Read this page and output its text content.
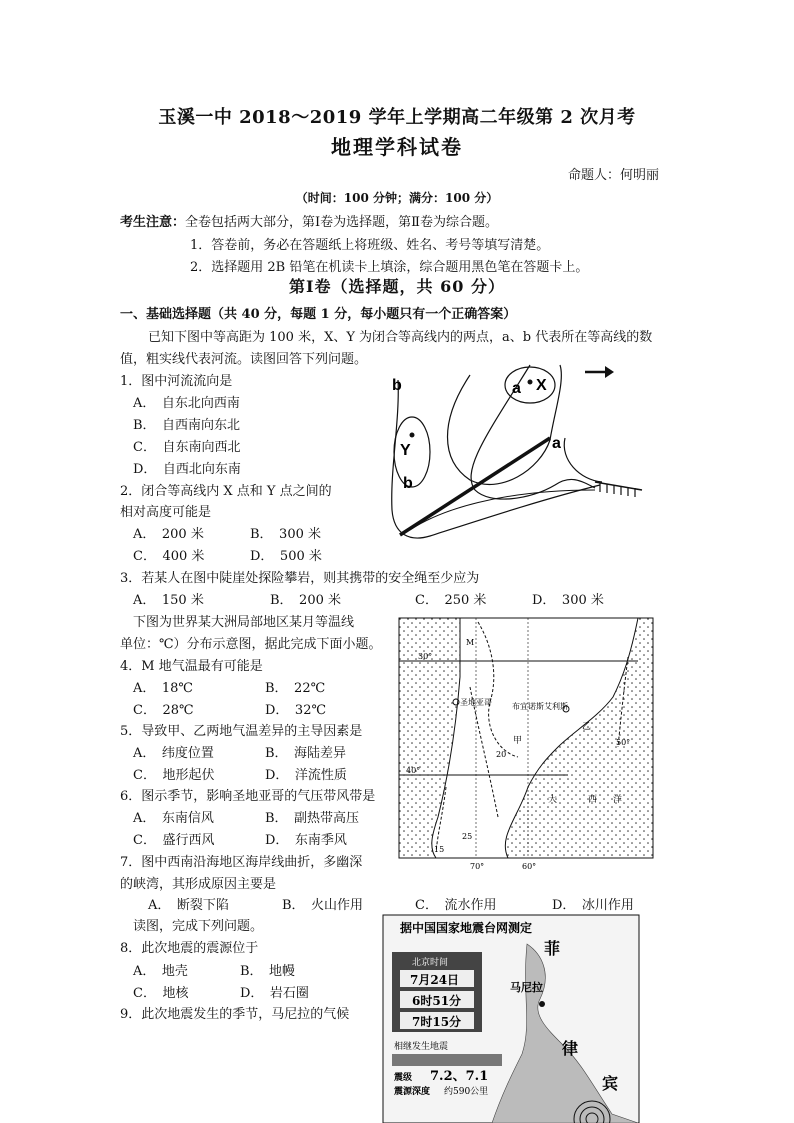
玉溪一中 2018～2019 学年上学期高二年级第 2 次月考
地理学科试卷
命题人：何明丽
（时间：100 分钟；满分：100 分）
考生注意：全卷包括两大部分，第Ⅰ卷为选择题，第Ⅱ卷为综合题。
1．答卷前，务必在答题纸上将班级、姓名、考号等填写清楚。
2．选择题用 2B 铅笔在机读卡上填涂，综合题用黑色笔在答题卡上。
第Ⅰ卷（选择题，共 60 分）
一、基础选择题（共 40 分，每题 1 分，每小题只有一个正确答案）
已知下图中等高距为 100 米，X、Y 为闭合等高线内的两点，a、b 代表所在等高线的数
值，粗实线代表河流。读图回答下列问题。
1．图中河流流向是
A．　自东北向西南
B．　自西南向东北
C．　自东南向西北
D．　自西北向东南
2．闭合等高线内 X 点和 Y 点之间的
相对高度可能是
A．　200 米	B．　300 米
C．　400 米	D．　500 米
3．若某人在图中陡崖处探险攀岩，则其携带的安全绳至少应为
A．　150 米	B．　200 米	C．　250 米	D．　300 米
下图为世界某大洲局部地区某月等温线
单位：℃）分布示意图，据此完成下面小题。
4．M 地气温最有可能是
A．　18℃	B．　22℃
C．　28℃	D．　32℃
5．导致甲、乙两地气温差异的主导因素是
A．　纬度位置	B．　海陆差异
C．　地形起伏	D．　洋流性质
6．图示季节，影响圣地亚哥的气压带风带是
A．　东南信风	B．　副热带高压
C．　盛行西风	D．　东南季风
7．图中西南沿海地区海岸线曲折，多幽深
的峡湾，其形成原因主要是
A．　断裂下陷	B．　火山作用	C．　流水作用	D．　冰川作用
读图，完成下列问题。
8．此次地震的震源位于
A．　地壳	B．　地幔
C．　地核	D．　岩石圈
9．此次地震发生的季节，马尼拉的气候
b	a X
Y
b
a
30°
40°
M
圣地亚哥	布宜诺斯艾利斯
甲
乙
20
15
25
70°	60°
50°
大	西 洋
据中国国家地震台网测定
北京时间
7月24日
6时51分
7时15分
相继发生地震
震级 7.2、7.1
震源深度 约590公里
马尼拉
菲
律
宾
